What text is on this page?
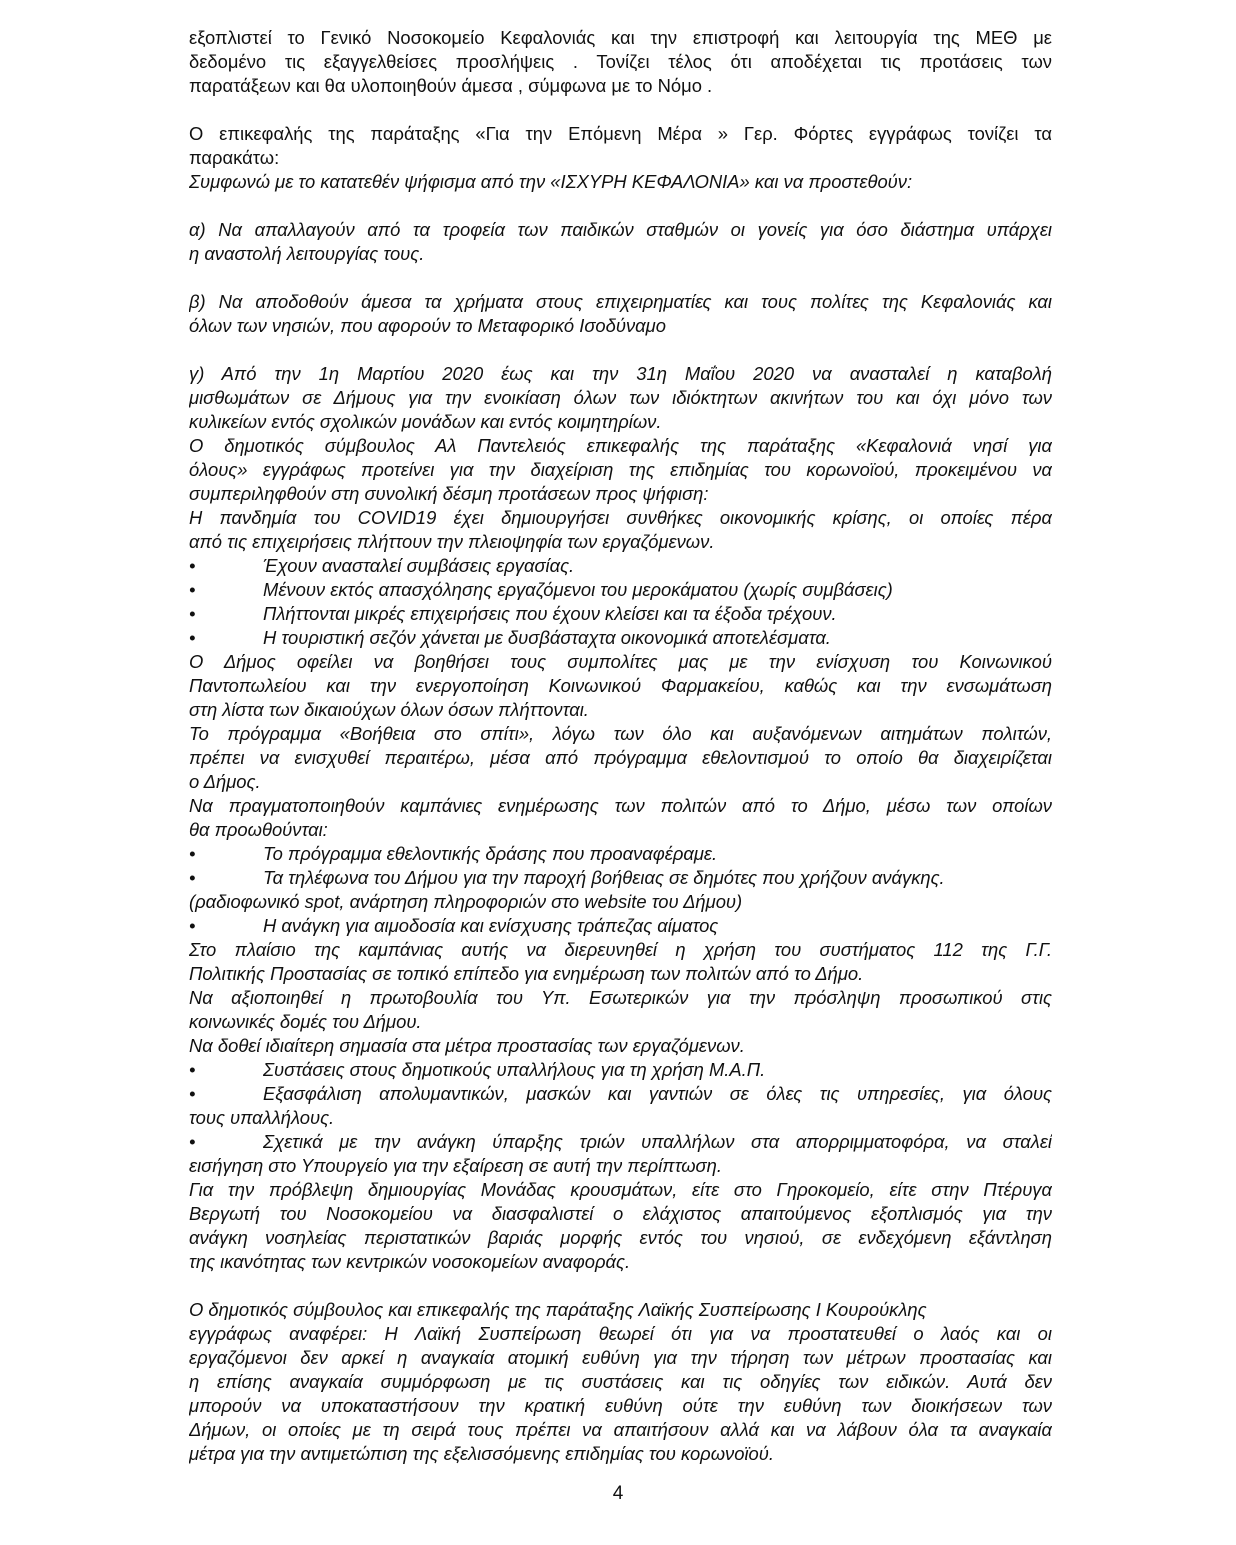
εξοπλιστεί το Γενικό Νοσοκομείο Κεφαλονιάς και την επιστροφή και λειτουργία της ΜΕΘ με
δεδομένο τις εξαγγελθείσες προσλήψεις . Τονίζει τέλος ότι αποδέχεται τις προτάσεις των
παρατάξεων και θα υλοποιηθούν άμεσα , σύμφωνα με το Νόμο .
Ο επικεφαλής της παράταξης «Για την Επόμενη Μέρα » Γερ. Φόρτες εγγράφως τονίζει τα
παρακάτω:
Συμφωνώ με το κατατεθέν ψήφισμα από την «ΙΣΧΥΡΗ ΚΕΦΑΛΟΝΙΑ» και να προστεθούν:
α) Να απαλλαγούν από τα τροφεία των παιδικών σταθμών οι γονείς για όσο διάστημα υπάρχει
η αναστολή λειτουργίας τους.
β) Να αποδοθούν άμεσα τα χρήματα στους επιχειρηματίες και τους πολίτες της Κεφαλονιάς και
όλων των νησιών, που αφορούν το Μεταφορικό Ισοδύναμο
γ) Από την 1η Μαρτίου 2020 έως και την 31η Μαΐου 2020 να ανασταλεί η καταβολή
μισθωμάτων σε Δήμους για την ενοικίαση όλων των ιδιόκτητων ακινήτων του και όχι μόνο των
κυλικείων εντός σχολικών μονάδων και εντός κοιμητηρίων.
Ο δημοτικός σύμβουλος Αλ Παντελειός επικεφαλής της παράταξης «Κεφαλονιά νησί για
όλους» εγγράφως προτείνει για την διαχείριση της επιδημίας του κορωνοϊού, προκειμένου να
συμπεριληφθούν στη συνολική δέσμη προτάσεων προς ψήφιση:
Η πανδημία του COVID19 έχει δημιουργήσει συνθήκες οικονομικής κρίσης, οι οποίες πέρα
από τις επιχειρήσεις πλήττουν την πλειοψηφία των εργαζόμενων.
•	Έχουν ανασταλεί συμβάσεις εργασίας.
•	Μένουν εκτός απασχόλησης εργαζόμενοι του μεροκάματου (χωρίς συμβάσεις)
•	Πλήττονται μικρές επιχειρήσεις που έχουν κλείσει και τα έξοδα τρέχουν.
•	Η τουριστική σεζόν χάνεται με δυσβάσταχτα οικονομικά αποτελέσματα.
Ο Δήμος οφείλει να βοηθήσει τους συμπολίτες μας με την ενίσχυση του Κοινωνικού
Παντοπωλείου και την ενεργοποίηση Κοινωνικού Φαρμακείου, καθώς και την ενσωμάτωση
στη λίστα των δικαιούχων όλων όσων πλήττονται.
Το πρόγραμμα «Βοήθεια στο σπίτι», λόγω των όλο και αυξανόμενων αιτημάτων πολιτών,
πρέπει να ενισχυθεί περαιτέρω, μέσα από πρόγραμμα εθελοντισμού το οποίο θα διαχειρίζεται
ο Δήμος.
Να πραγματοποιηθούν καμπάνιες ενημέρωσης των πολιτών από το Δήμο, μέσω των οποίων
θα προωθούνται:
•	Το πρόγραμμα εθελοντικής δράσης που προαναφέραμε.
•	Τα τηλέφωνα του Δήμου για την παροχή βοήθειας σε δημότες που χρήζουν ανάγκης.
(ραδιοφωνικό spot, ανάρτηση πληροφοριών στο website του Δήμου)
•	Η ανάγκη για αιμοδοσία και ενίσχυσης τράπεζας αίματος
Στο πλαίσιο της καμπάνιας αυτής να διερευνηθεί η χρήση του συστήματος 112 της Γ.Γ.
Πολιτικής Προστασίας σε τοπικό επίπεδο για ενημέρωση των πολιτών από το Δήμο.
Να αξιοποιηθεί η πρωτοβουλία του Υπ. Εσωτερικών για την πρόσληψη προσωπικού στις
κοινωνικές δομές του Δήμου.
Να δοθεί ιδιαίτερη σημασία στα μέτρα προστασίας των εργαζόμενων.
•	Συστάσεις στους δημοτικούς υπαλλήλους για τη χρήση Μ.Α.Π.
•	Εξασφάλιση απολυμαντικών, μασκών και γαντιών σε όλες τις υπηρεσίες, για όλους
τους υπαλλήλους.
•	Σχετικά με την ανάγκη ύπαρξης τριών υπαλλήλων στα απορριμματοφόρα, να σταλεί
εισήγηση στο Υπουργείο για την εξαίρεση σε αυτή την περίπτωση.
Για την πρόβλεψη δημιουργίας Μονάδας κρουσμάτων, είτε στο Γηροκομείο, είτε στην Πτέρυγα
Βεργωτή του Νοσοκομείου να διασφαλιστεί ο ελάχιστος απαιτούμενος εξοπλισμός για την
ανάγκη νοσηλείας περιστατικών βαριάς μορφής εντός του νησιού, σε ενδεχόμενη εξάντληση
της ικανότητας των κεντρικών νοσοκομείων αναφοράς.
Ο δημοτικός σύμβουλος και επικεφαλής της παράταξης Λαϊκής Συσπείρωσης Ι Κουρούκλης
εγγράφως αναφέρει: Η Λαϊκή Συσπείρωση θεωρεί ότι για να προστατευθεί ο λαός και οι
εργαζόμενοι δεν αρκεί η αναγκαία ατομική ευθύνη για την τήρηση των μέτρων προστασίας και
η επίσης αναγκαία συμμόρφωση με τις συστάσεις και τις οδηγίες των ειδικών. Αυτά δεν
μπορούν να υποκαταστήσουν την κρατική ευθύνη ούτε την ευθύνη των διοικήσεων των
Δήμων, οι οποίες με τη σειρά τους πρέπει να απαιτήσουν αλλά και να λάβουν όλα τα αναγκαία
μέτρα για την αντιμετώπιση της εξελισσόμενης επιδημίας του κορωνοϊού.
4
